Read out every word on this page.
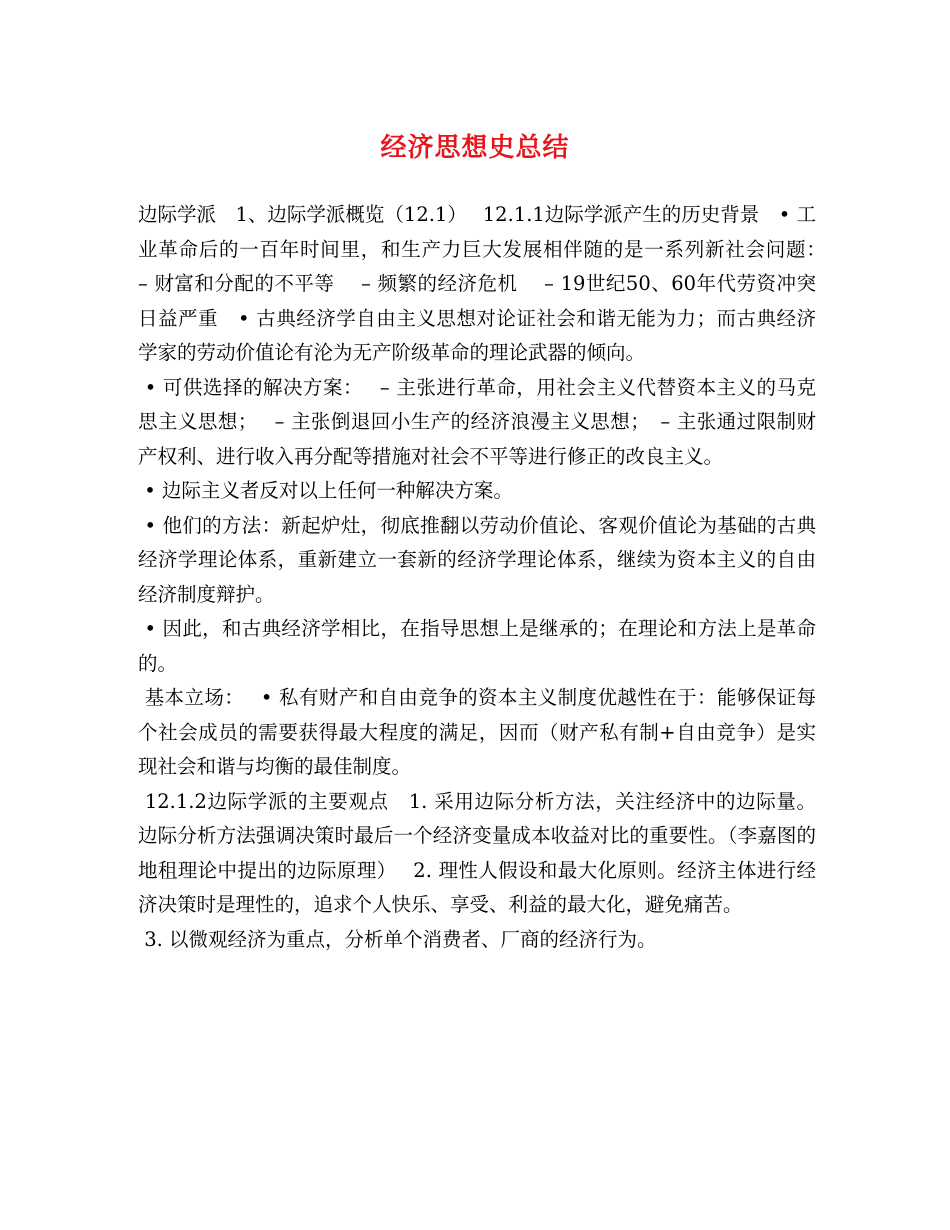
经济思想史总结

边际学派　1、边际学派概览（12.1）　 12.1.1边际学派产生的历史背景　• 工业革命后的一百年时间里，和生产力巨大发展相伴随的是一系列新社会问题：　 – 财富和分配的不平等　 – 频繁的经济危机　 – 19世纪50、60年代劳资冲突日益严重　• 古典经济学自由主义思想对论证社会和谐无能为力；而古典经济学家的劳动价值论有沦为无产阶级革命的理论武器的倾向。

• 可供选择的解决方案：　 – 主张进行革命，用社会主义代替资本主义的马克思主义思想；　 – 主张倒退回小生产的经济浪漫主义思想；　– 主张通过限制财产权利、进行收入再分配等措施对社会不平等进行修正的改良主义。

• 边际主义者反对以上任何一种解决方案。

• 他们的方法：新起炉灶，彻底推翻以劳动价值论、客观价值论为基础的古典经济学理论体系，重新建立一套新的经济学理论体系，继续为资本主义的自由经济制度辩护。

• 因此，和古典经济学相比，在指导思想上是继承的；在理论和方法上是革命的。

基本立场：　 • 私有财产和自由竞争的资本主义制度优越性在于：能够保证每个社会成员的需要获得最大程度的满足，因而（财产私有制+自由竞争）是实现社会和谐与均衡的最佳制度。

12.1.2边际学派的主要观点　1. 采用边际分析方法，关注经济中的边际量。边际分析方法强调决策时最后一个经济变量成本收益对比的重要性。（李嘉图的地租理论中提出的边际原理）　 2. 理性人假设和最大化原则。经济主体进行经济决策时是理性的，追求个人快乐、享受、利益的最大化，避免痛苦。

3. 以微观经济为重点，分析单个消费者、厂商的经济行为。
